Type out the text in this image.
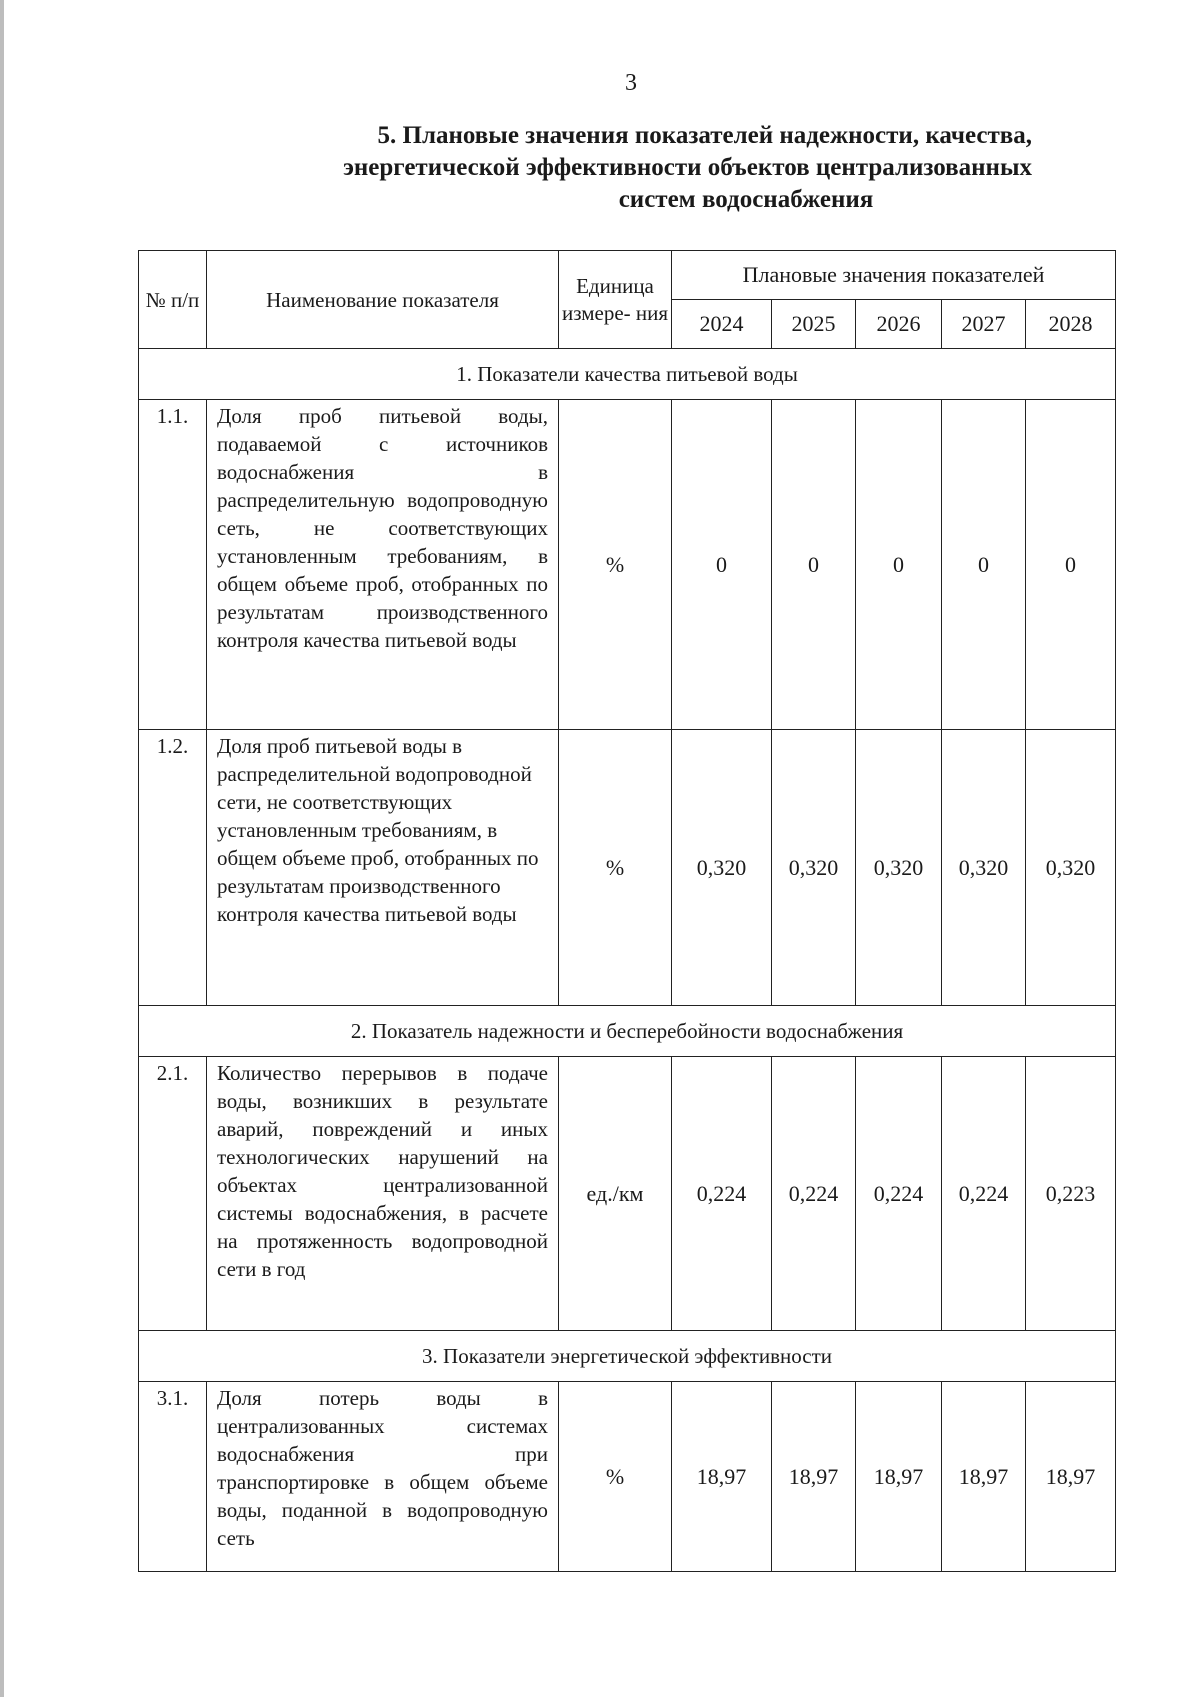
3
5. Плановые значения показателей надежности, качества,
энергетической эффективности объектов централизованных
систем водоснабжения
№ п/п	Наименование показателя	Единица измере- ния	Плановые значения показателей				
			2024	2025	2026	2027	2028
1. Показатели качества питьевой воды							
1.1.	Доля проб питьевой воды, подаваемой с источников водоснабжения в распределительную водопроводную сеть, не соответствующих установленным требованиям, в общем объеме проб, отобранных по результатам производственного контроля качества питьевой воды	%	0	0	0	0	0
1.2.	Доля проб питьевой воды в распределительной водопроводной сети, не соответствующих установленным требованиям, в общем объеме проб, отобранных по результатам производственного контроля качества питьевой воды	%	0,320	0,320	0,320	0,320	0,320
2. Показатель надежности и бесперебойности водоснабжения							
2.1.	Количество перерывов в подаче воды, возникших в результате аварий, повреждений и иных технологических нарушений на объектах централизованной системы водоснабжения, в расчете на протяженность водопроводной сети в год	ед./км	0,224	0,224	0,224	0,224	0,223
3. Показатели энергетической эффективности							
3.1.	Доля потерь воды в централизованных системах водоснабжения при транспортировке в общем объеме воды, поданной в водопроводную сеть	%	18,97	18,97	18,97	18,97	18,97
